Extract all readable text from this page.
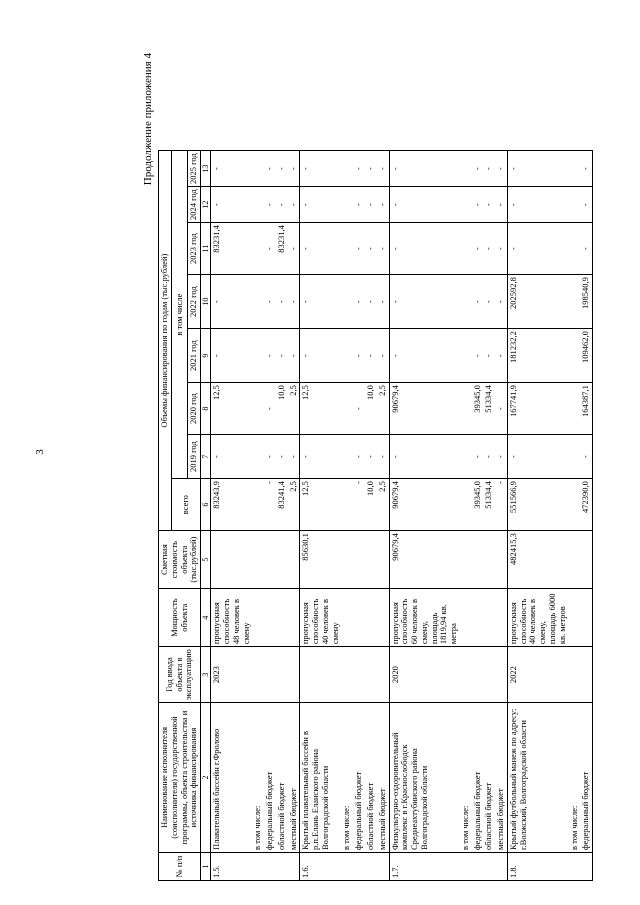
3
Продолжение приложения 4
№ п/п	Наименование исполнителя (соисполнителя) государственной программы, объекта строительства и источника финансирования	Год ввода объекта в эксплуатацию	Мощность объекта	Сметная стоимость объекта (тыс.рублей)	Объемы финансирования по годам (тыс.рублей)							
					всего	в том числе						
						2019 год	2020 год	2021 год	2022 год	2023 год	2024 год	2025 год
1	2	3	4	5	6	7	8	9	10	11	12	13
1.5.	Плавательный бассейн г.Фролово	2023	пропускная способность 48 человек в смену		83243,9	-	12,5	-	-	83231,4	-	-
	в том числе:											
	федеральный бюджет				-	-	-	-	-	-	-	-
	областной бюджет				83241,4	-	10,0	-	-	83231,4	-	-
	местный бюджет				2,5	-	2,5	-	-	-	-	-
1.6.	Крытый плавательный бассейн в р.п.Елань Еланского района Волгоградской области		пропускная способность 40 человек в смену	85630,1	12,5	-	12,5	-	-	-	-	-
	в том числе:											
	федеральный бюджет				-	-	-	-	-	-	-	-
	областной бюджет				10,0	-	10,0	-	-	-	-	-
	местный бюджет				2,5	-	2,5	-	-	-	-	-
1.7.	Физкультурно-оздоровительный комплекс в г.Краснослободск Среднеахтубинского района Волгоградской области	2020	пропускная способность 60 человек в смену, площадь 1819,94 кв. метра	90679,4	90679,4	-	90679,4	-	-	-	-	-
	в том числе:											
	федеральный бюджет				39345,0	-	39345,0	-	-	-	-	-
	областной бюджет				51334,4	-	51334,4	-	-	-	-	-
	местный бюджет				-	-	-	-	-	-	-	-
1.8.	Крытый футбольный манеж по адресу: г.Волжский, Волгоградской области	2022	пропускная способность 40 человек в смену, площадь 6000 кв. метров	482415,3	551566,9	-	167741,9	181232,2	202592,8	-	-	-
	в том числе:											
	федеральный бюджет				472390,0	-	164387,1	109462,0	198540,9	-	-	-
